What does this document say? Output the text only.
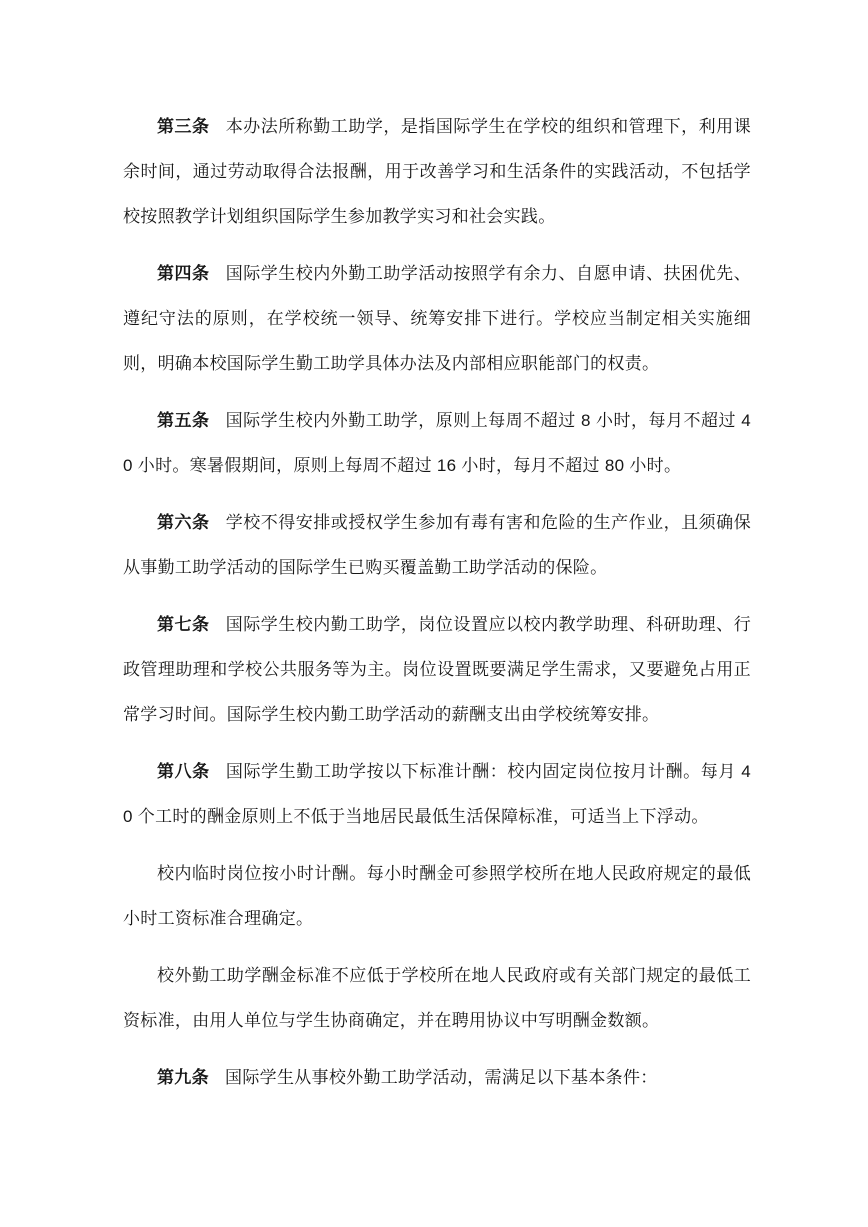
第三条 本办法所称勤工助学，是指国际学生在学校的组织和管理下，利用课余时间，通过劳动取得合法报酬，用于改善学习和生活条件的实践活动，不包括学校按照教学计划组织国际学生参加教学实习和社会实践。

第四条 国际学生校内外勤工助学活动按照学有余力、自愿申请、扶困优先、遵纪守法的原则，在学校统一领导、统筹安排下进行。学校应当制定相关实施细则，明确本校国际学生勤工助学具体办法及内部相应职能部门的权责。

第五条 国际学生校内外勤工助学，原则上每周不超过 8 小时，每月不超过 40 小时。寒暑假期间，原则上每周不超过 16 小时，每月不超过 80 小时。

第六条 学校不得安排或授权学生参加有毒有害和危险的生产作业，且须确保从事勤工助学活动的国际学生已购买覆盖勤工助学活动的保险。

第七条 国际学生校内勤工助学，岗位设置应以校内教学助理、科研助理、行政管理助理和学校公共服务等为主。岗位设置既要满足学生需求，又要避免占用正常学习时间。国际学生校内勤工助学活动的薪酬支出由学校统筹安排。

第八条 国际学生勤工助学按以下标准计酬：校内固定岗位按月计酬。每月 40 个工时的酬金原则上不低于当地居民最低生活保障标准，可适当上下浮动。

校内临时岗位按小时计酬。每小时酬金可参照学校所在地人民政府规定的最低小时工资标准合理确定。

校外勤工助学酬金标准不应低于学校所在地人民政府或有关部门规定的最低工资标准，由用人单位与学生协商确定，并在聘用协议中写明酬金数额。

第九条 国际学生从事校外勤工助学活动，需满足以下基本条件：
